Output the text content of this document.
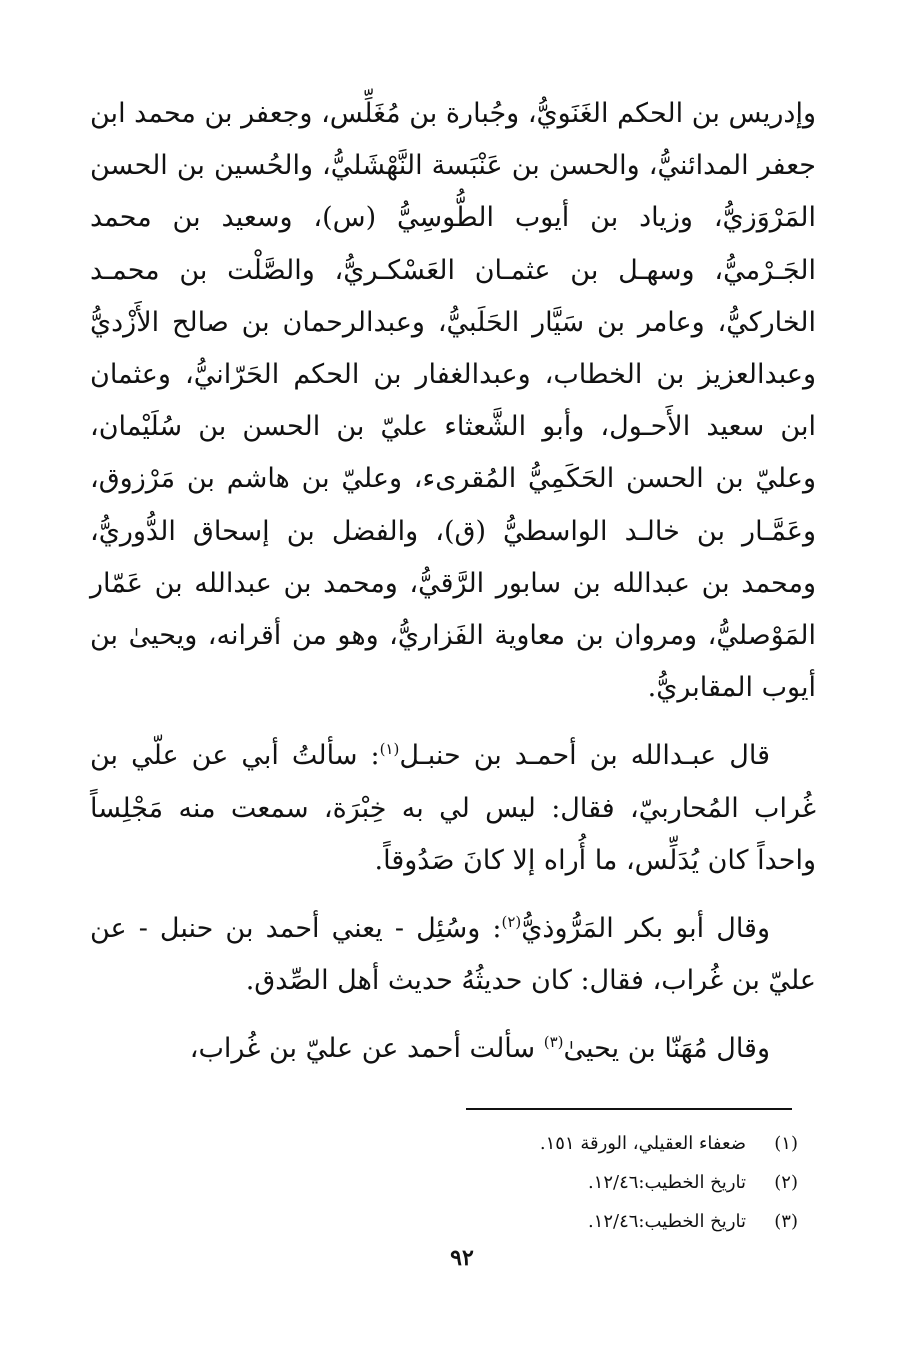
وإدريس بن الحكم الغَنَويُّ، وجُبارة بن مُغَلِّس، وجعفر بن محمد ابن جعفر المدائنيُّ، والحسن بن عَنْبَسة النَّهْشَليُّ، والحُسين بن الحسن المَرْوَزيُّ، وزياد بن أيوب الطُّوسِيُّ (س)، وسعيد بن محمد الجَـرْميُّ، وسهـل بن عثمـان العَسْكـريُّ، والصَّلْت بن محمـد الخاركيُّ، وعامر بن سَيَّار الحَلَبيُّ، وعبدالرحمان بن صالح الأَزْديُّ وعبدالعزيز بن الخطاب، وعبدالغفار بن الحكم الحَرّانيُّ، وعثمان ابن سعيد الأَحـول، وأبو الشَّعثاء عليّ بن الحسن بن سُلَيْمان، وعليّ بن الحسن الحَكَمِيُّ المُقرىء، وعليّ بن هاشم بن مَرْزوق، وعَمَّـار بن خالـد الواسطيُّ (ق)، والفضل بن إسحاق الدُّوريُّ، ومحمد بن عبدالله بن سابور الرَّقيُّ، ومحمد بن عبدالله بن عَمّار المَوْصليُّ، ومروان بن معاوية الفَزاريُّ، وهو من أقرانه، ويحيىٰ بن أيوب المقابريُّ.

قال عبـدالله بن أحمـد بن حنبـل$^{(١)}$: سألتُ أبي عن علّي بن غُراب المُحاربيّ، فقال: ليس لي به خِبْرَة، سمعت منه مَجْلِساً واحداً كان يُدَلِّس، ما أُراه إلا كانَ صَدُوقاً.

وقال أبو بكر المَرُّوذيُّ$^{(٢)}$: وسُئِل - يعني أحمد بن حنبل - عن عليّ بن غُراب، فقال: كان حديثُهُ حديث أهل الصِّدق.

وقال مُهَنّا بن يحيىٰ$^{(٣)}$ سألت أحمد عن عليّ بن غُراب،

(١)ضعفاء العقيلي، الورقة ١٥١.
(٢)تاريخ الخطيب:١٢/٤٦.
(٣)تاريخ الخطيب:١٢/٤٦.
٩٢
